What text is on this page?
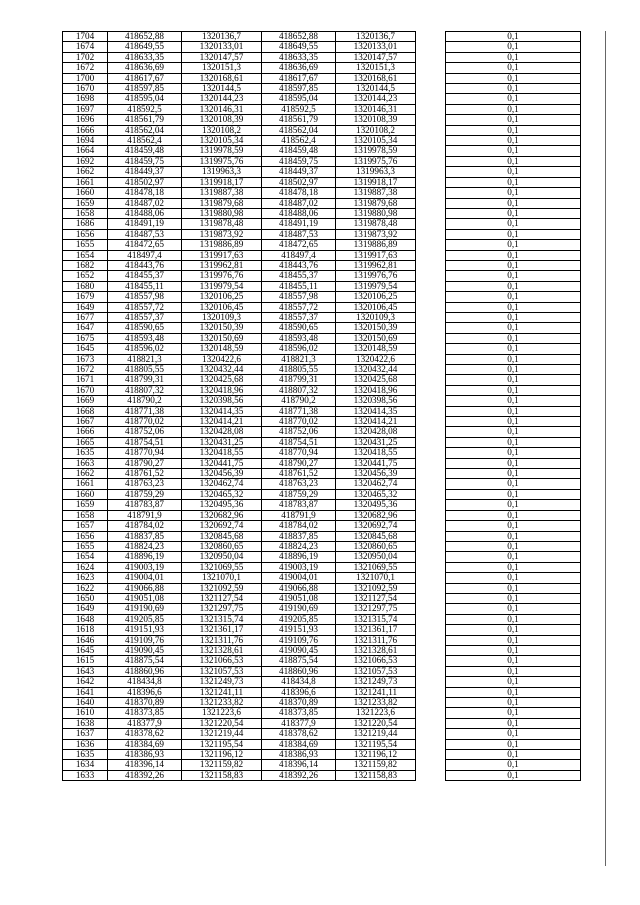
1704	418652,88	1320136,7	418652,88	1320136,7		0,1
1674	418649,55	1320133,01	418649,55	1320133,01		0,1
1702	418633,35	1320147,57	418633,35	1320147,57		0,1
1672	418636,69	1320151,3	418636,69	1320151,3		0,1
1700	418617,67	1320168,61	418617,67	1320168,61		0,1
1670	418597,85	1320144,5	418597,85	1320144,5		0,1
1698	418595,04	1320144,23	418595,04	1320144,23		0,1
1697	418592,5	1320146,31	418592,5	1320146,31		0,1
1696	418561,79	1320108,39	418561,79	1320108,39		0,1
1666	418562,04	1320108,2	418562,04	1320108,2		0,1
1694	418562,4	1320105,34	418562,4	1320105,34		0,1
1664	418459,48	1319978,59	418459,48	1319978,59		0,1
1692	418459,75	1319975,76	418459,75	1319975,76		0,1
1662	418449,37	1319963,3	418449,37	1319963,3		0,1
1661	418502,97	1319918,17	418502,97	1319918,17		0,1
1660	418478,18	1319887,38	418478,18	1319887,38		0,1
1659	418487,02	1319879,68	418487,02	1319879,68		0,1
1658	418488,06	1319880,98	418488,06	1319880,98		0,1
1686	418491,19	1319878,48	418491,19	1319878,48		0,1
1656	418487,53	1319873,92	418487,53	1319873,92		0,1
1655	418472,65	1319886,89	418472,65	1319886,89		0,1
1654	418497,4	1319917,63	418497,4	1319917,63		0,1
1682	418443,76	1319962,81	418443,76	1319962,81		0,1
1652	418455,37	1319976,76	418455,37	1319976,76		0,1
1680	418455,11	1319979,54	418455,11	1319979,54		0,1
1679	418557,98	1320106,25	418557,98	1320106,25		0,1
1649	418557,72	1320106,45	418557,72	1320106,45		0,1
1677	418557,37	1320109,3	418557,37	1320109,3		0,1
1647	418590,65	1320150,39	418590,65	1320150,39		0,1
1675	418593,48	1320150,69	418593,48	1320150,69		0,1
1645	418596,02	1320148,59	418596,02	1320148,59		0,1
1673	418821,3	1320422,6	418821,3	1320422,6		0,1
1672	418805,55	1320432,44	418805,55	1320432,44		0,1
1671	418799,31	1320425,68	418799,31	1320425,68		0,1
1670	418807,32	1320418,96	418807,32	1320418,96		0,1
1669	418790,2	1320398,56	418790,2	1320398,56		0,1
1668	418771,38	1320414,35	418771,38	1320414,35		0,1
1667	418770,02	1320414,21	418770,02	1320414,21		0,1
1666	418752,06	1320428,08	418752,06	1320428,08		0,1
1665	418754,51	1320431,25	418754,51	1320431,25		0,1
1635	418770,94	1320418,55	418770,94	1320418,55		0,1
1663	418790,27	1320441,75	418790,27	1320441,75		0,1
1662	418761,52	1320456,39	418761,52	1320456,39		0,1
1661	418763,23	1320462,74	418763,23	1320462,74		0,1
1660	418759,29	1320465,32	418759,29	1320465,32		0,1
1659	418783,87	1320495,36	418783,87	1320495,36		0,1
1658	418791,9	1320682,96	418791,9	1320682,96		0,1
1657	418784,02	1320692,74	418784,02	1320692,74		0,1
1656	418837,85	1320845,68	418837,85	1320845,68		0,1
1655	418824,23	1320860,65	418824,23	1320860,65		0,1
1654	418896,19	1320950,04	418896,19	1320950,04		0,1
1624	419003,19	1321069,55	419003,19	1321069,55		0,1
1623	419004,01	1321070,1	419004,01	1321070,1		0,1
1622	419066,88	1321092,59	419066,88	1321092,59		0,1
1650	419051,08	1321127,54	419051,08	1321127,54		0,1
1649	419190,69	1321297,75	419190,69	1321297,75		0,1
1648	419205,85	1321315,74	419205,85	1321315,74		0,1
1618	419151,93	1321361,17	419151,93	1321361,17		0,1
1646	419109,76	1321311,76	419109,76	1321311,76		0,1
1645	419090,45	1321328,61	419090,45	1321328,61		0,1
1615	418875,54	1321066,53	418875,54	1321066,53		0,1
1643	418860,96	1321057,53	418860,96	1321057,53		0,1
1642	418434,8	1321249,73	418434,8	1321249,73		0,1
1641	418396,6	1321241,11	418396,6	1321241,11		0,1
1640	418370,89	1321233,82	418370,89	1321233,82		0,1
1610	418373,85	1321223,6	418373,85	1321223,6		0,1
1638	418377,9	1321220,54	418377,9	1321220,54		0,1
1637	418378,62	1321219,44	418378,62	1321219,44		0,1
1636	418384,69	1321195,54	418384,69	1321195,54		0,1
1635	418386,93	1321196,12	418386,93	1321196,12		0,1
1634	418396,14	1321159,82	418396,14	1321159,82		0,1
1633	418392,26	1321158,83	418392,26	1321158,83		0,1
